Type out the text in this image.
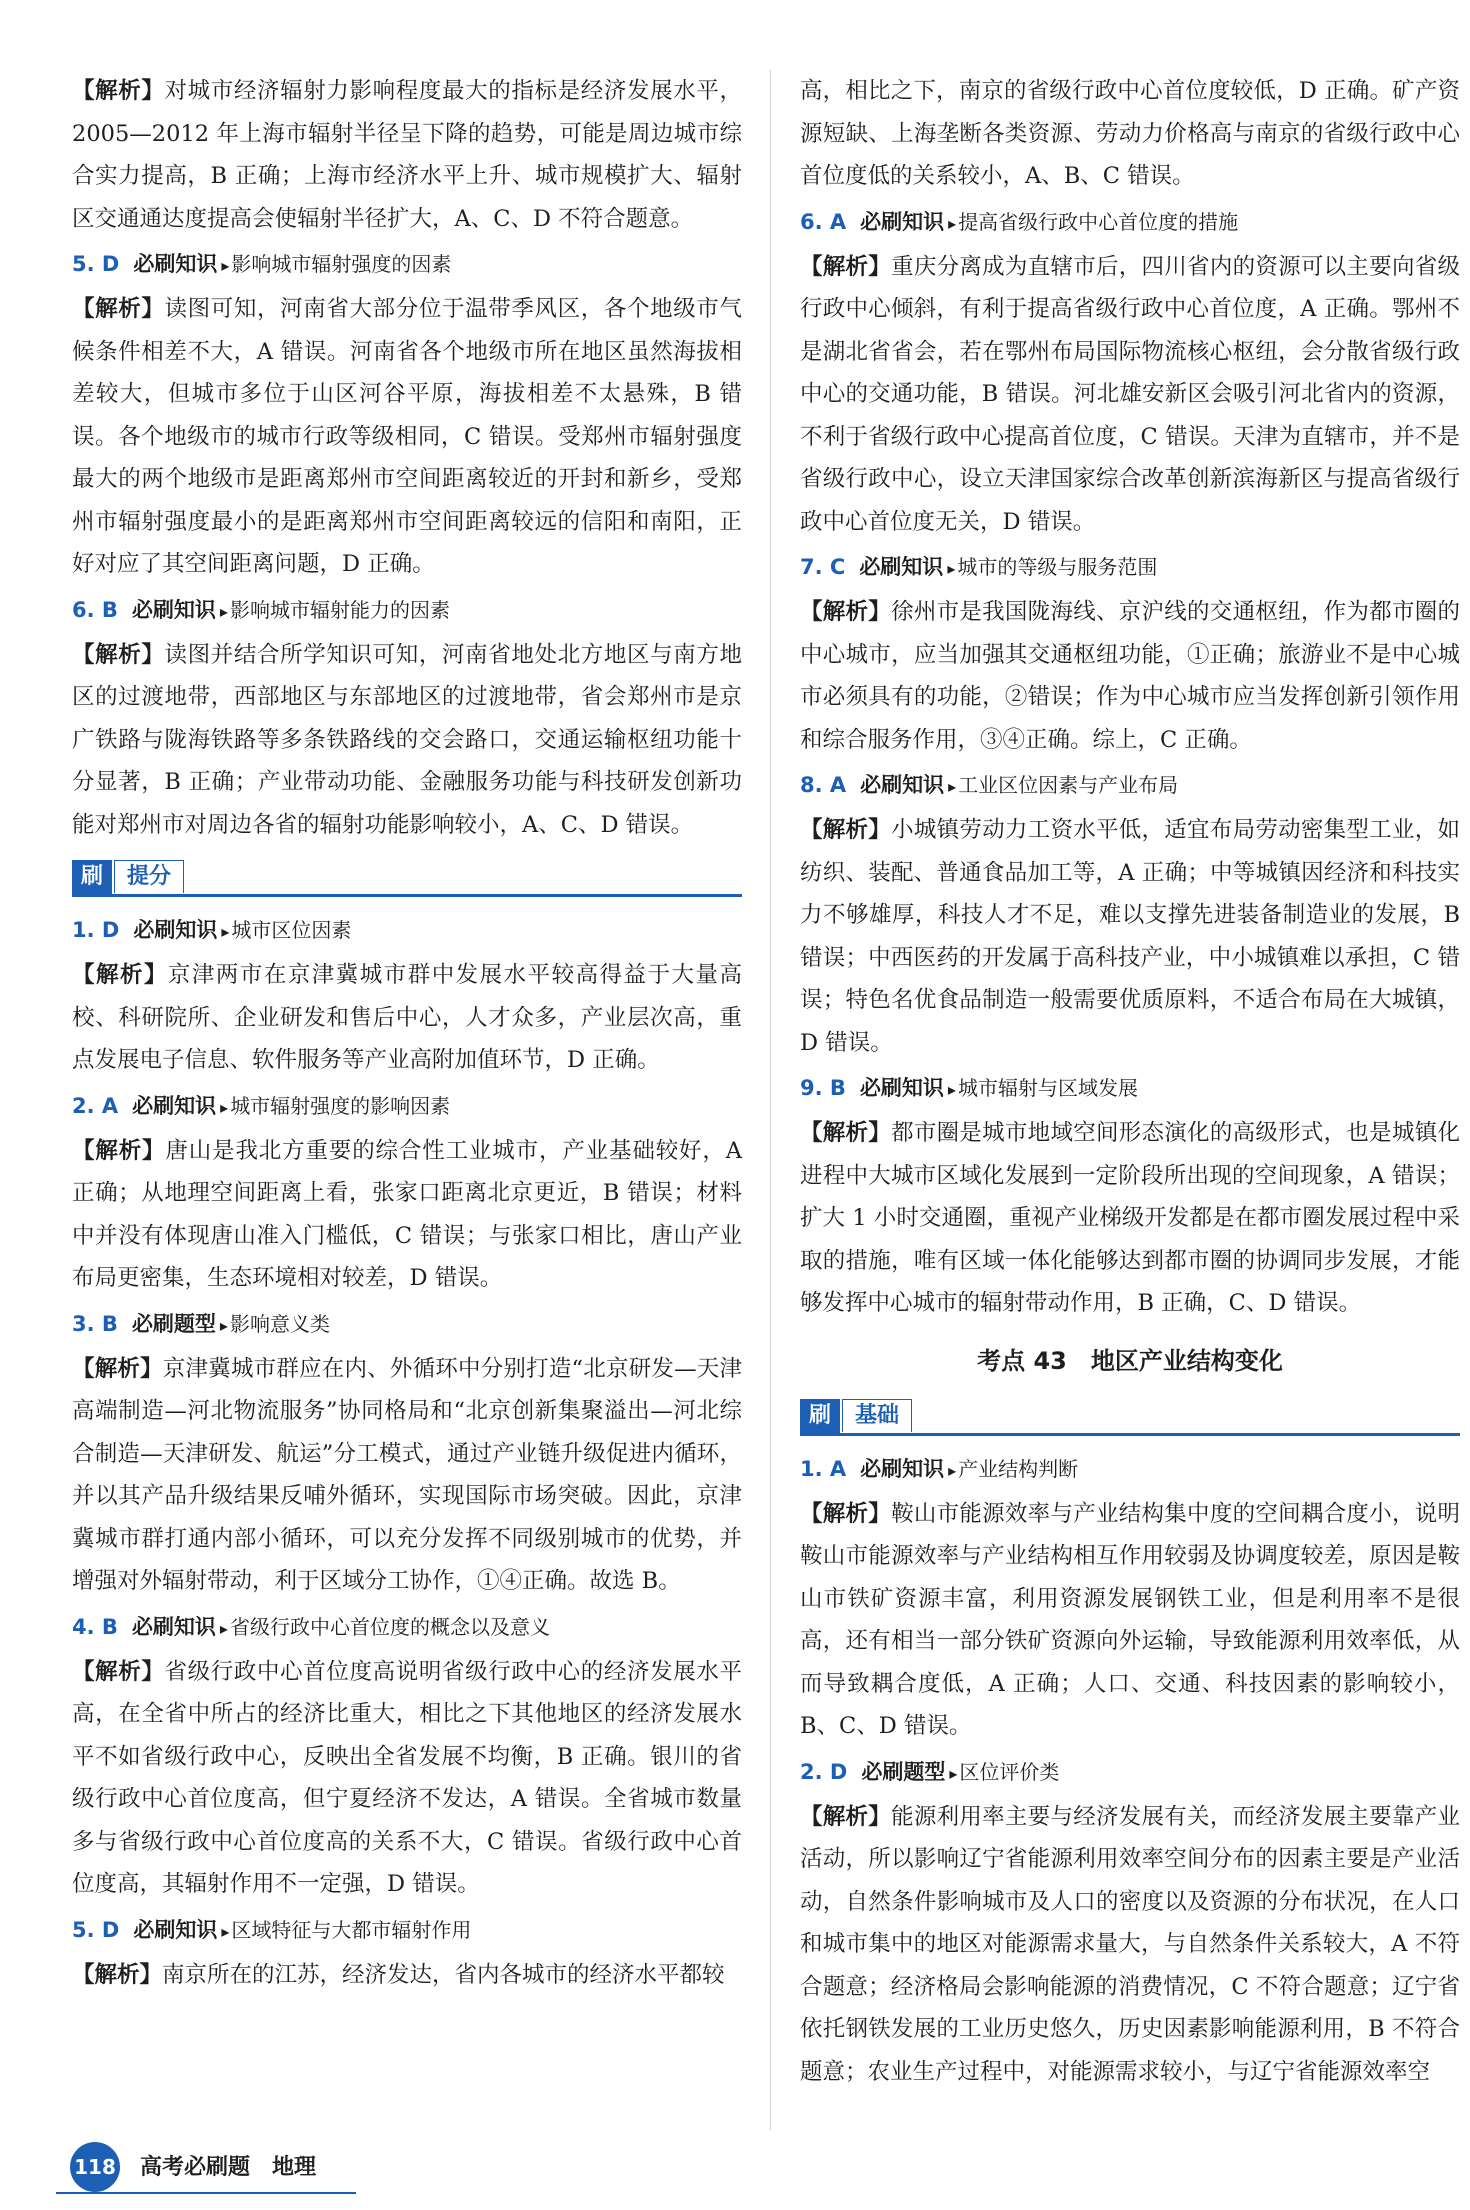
【解析】对城市经济辐射力影响程度最大的指标是经济发展水平，2005—2012 年上海市辐射半径呈下降的趋势，可能是周边城市综合实力提高，B 正确；上海市经济水平上升、城市规模扩大、辐射区交通通达度提高会使辐射半径扩大，A、C、D 不符合题意。

5. D 必刷知识 ▸ 影响城市辐射强度的因素

【解析】读图可知，河南省大部分位于温带季风区，各个地级市气候条件相差不大，A 错误。河南省各个地级市所在地区虽然海拔相差较大，但城市多位于山区河谷平原，海拔相差不太悬殊，B 错误。各个地级市的城市行政等级相同，C 错误。受郑州市辐射强度最大的两个地级市是距离郑州市空间距离较近的开封和新乡，受郑州市辐射强度最小的是距离郑州市空间距离较远的信阳和南阳，正好对应了其空间距离问题，D 正确。

6. B 必刷知识 ▸ 影响城市辐射能力的因素

【解析】读图并结合所学知识可知，河南省地处北方地区与南方地区的过渡地带，西部地区与东部地区的过渡地带，省会郑州市是京广铁路与陇海铁路等多条铁路线的交会路口，交通运输枢纽功能十分显著，B 正确；产业带动功能、金融服务功能与科技研发创新功能对郑州市对周边各省的辐射功能影响较小，A、C、D 错误。

刷	提分
1. D 必刷知识 ▸ 城市区位因素

【解析】京津两市在京津冀城市群中发展水平较高得益于大量高校、科研院所、企业研发和售后中心，人才众多，产业层次高，重点发展电子信息、软件服务等产业高附加值环节，D 正确。

2. A 必刷知识 ▸ 城市辐射强度的影响因素

【解析】唐山是我北方重要的综合性工业城市，产业基础较好，A 正确；从地理空间距离上看，张家口距离北京更近，B 错误；材料中并没有体现唐山准入门槛低，C 错误；与张家口相比，唐山产业布局更密集，生态环境相对较差，D 错误。

3. B 必刷题型 ▸ 影响意义类

【解析】京津冀城市群应在内、外循环中分别打造“北京研发—天津高端制造—河北物流服务”协同格局和“北京创新集聚溢出—河北综合制造—天津研发、航运”分工模式，通过产业链升级促进内循环，并以其产品升级结果反哺外循环，实现国际市场突破。因此，京津冀城市群打通内部小循环，可以充分发挥不同级别城市的优势，并增强对外辐射带动，利于区域分工协作，①④正确。故选 B。

4. B 必刷知识 ▸ 省级行政中心首位度的概念以及意义

【解析】省级行政中心首位度高说明省级行政中心的经济发展水平高，在全省中所占的经济比重大，相比之下其他地区的经济发展水平不如省级行政中心，反映出全省发展不均衡，B 正确。银川的省级行政中心首位度高，但宁夏经济不发达，A 错误。全省城市数量多与省级行政中心首位度高的关系不大，C 错误。省级行政中心首位度高，其辐射作用不一定强，D 错误。

5. D 必刷知识 ▸ 区域特征与大都市辐射作用

【解析】南京所在的江苏，经济发达，省内各城市的经济水平都较

高，相比之下，南京的省级行政中心首位度较低，D 正确。矿产资源短缺、上海垄断各类资源、劳动力价格高与南京的省级行政中心首位度低的关系较小，A、B、C 错误。

6. A 必刷知识 ▸ 提高省级行政中心首位度的措施

【解析】重庆分离成为直辖市后，四川省内的资源可以主要向省级行政中心倾斜，有利于提高省级行政中心首位度，A 正确。鄂州不是湖北省省会，若在鄂州布局国际物流核心枢纽，会分散省级行政中心的交通功能，B 错误。河北雄安新区会吸引河北省内的资源，不利于省级行政中心提高首位度，C 错误。天津为直辖市，并不是省级行政中心，设立天津国家综合改革创新滨海新区与提高省级行政中心首位度无关，D 错误。

7. C 必刷知识 ▸ 城市的等级与服务范围

【解析】徐州市是我国陇海线、京沪线的交通枢纽，作为都市圈的中心城市，应当加强其交通枢纽功能，①正确；旅游业不是中心城市必须具有的功能，②错误；作为中心城市应当发挥创新引领作用和综合服务作用，③④正确。综上，C 正确。

8. A 必刷知识 ▸ 工业区位因素与产业布局

【解析】小城镇劳动力工资水平低，适宜布局劳动密集型工业，如纺织、装配、普通食品加工等，A 正确；中等城镇因经济和科技实力不够雄厚，科技人才不足，难以支撑先进装备制造业的发展，B 错误；中西医药的开发属于高科技产业，中小城镇难以承担，C 错误；特色名优食品制造一般需要优质原料，不适合布局在大城镇，D 错误。

9. B 必刷知识 ▸ 城市辐射与区域发展

【解析】都市圈是城市地域空间形态演化的高级形式，也是城镇化进程中大城市区域化发展到一定阶段所出现的空间现象，A 错误；扩大 1 小时交通圈，重视产业梯级开发都是在都市圈发展过程中采取的措施，唯有区域一体化能够达到都市圈的协调同步发展，才能够发挥中心城市的辐射带动作用，B 正确，C、D 错误。

考点 43　地区产业结构变化
刷	基础
1. A 必刷知识 ▸ 产业结构判断

【解析】鞍山市能源效率与产业结构集中度的空间耦合度小，说明鞍山市能源效率与产业结构相互作用较弱及协调度较差，原因是鞍山市铁矿资源丰富，利用资源发展钢铁工业，但是利用率不是很高，还有相当一部分铁矿资源向外运输，导致能源利用效率低，从而导致耦合度低，A 正确；人口、交通、科技因素的影响较小，B、C、D 错误。

2. D 必刷题型 ▸ 区位评价类

【解析】能源利用率主要与经济发展有关，而经济发展主要靠产业活动，所以影响辽宁省能源利用效率空间分布的因素主要是产业活动，自然条件影响城市及人口的密度以及资源的分布状况，在人口和城市集中的地区对能源需求量大，与自然条件关系较大，A 不符合题意；经济格局会影响能源的消费情况，C 不符合题意；辽宁省依托钢铁发展的工业历史悠久，历史因素影响能源利用，B 不符合题意；农业生产过程中，对能源需求较小，与辽宁省能源效率空

118 高考必刷题　地理
